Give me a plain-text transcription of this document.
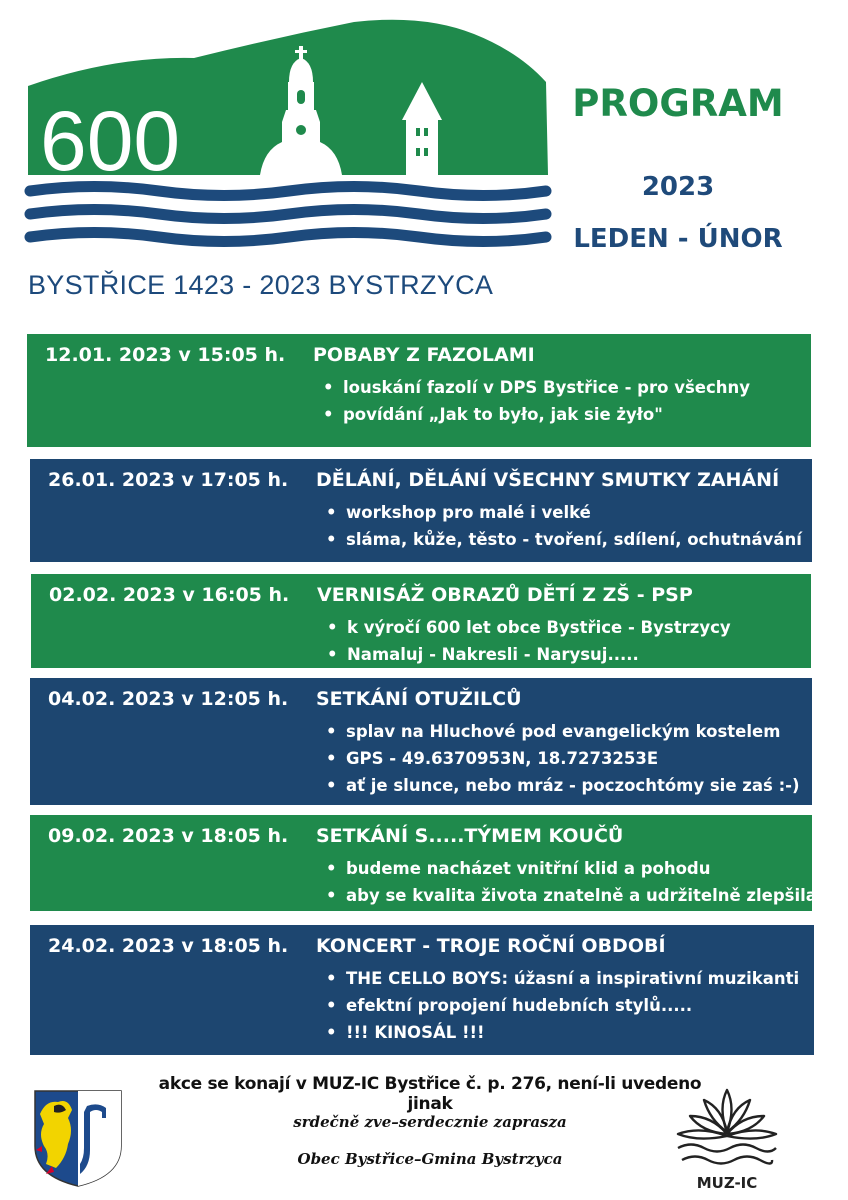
600
BYSTŘICE 1423 - 2023 BYSTRZYCA
PROGRAM
2023
LEDEN - ÚNOR
12.01. 2023 v 15:05 h. POBABY Z FAZOLAMI
• louskání fazolí v DPS Bystřice - pro všechny
• povídání „Jak to było, jak sie żyło"
26.01. 2023 v 17:05 h. DĚLÁNÍ, DĚLÁNÍ VŠECHNY SMUTKY ZAHÁNÍ
• workshop pro malé i velké
• sláma, kůže, těsto - tvoření, sdílení, ochutnávání
02.02. 2023 v 16:05 h. VERNISÁŽ OBRAZŮ DĚTÍ Z ZŠ - PSP
• k výročí 600 let obce Bystřice - Bystrzycy
• Namaluj - Nakresli - Narysuj.....
04.02. 2023 v 12:05 h. SETKÁNÍ OTUŽILCŮ
• splav na Hluchové pod evangelickým kostelem
• GPS - 49.6370953N, 18.7273253E
• ať je slunce, nebo mráz - poczochtómy sie zaś :-)
09.02. 2023 v 18:05 h. SETKÁNÍ S.....TÝMEM KOUČŮ
• budeme nacházet vnitřní klid a pohodu
• aby se kvalita života znatelně a udržitelně zlepšila
24.02. 2023 v 18:05 h. KONCERT - TROJE ROČNÍ OBDOBÍ
• THE CELLO BOYS: úžasní a inspirativní muzikanti
• efektní propojení hudebních stylů.....
• !!! KINOSÁL !!!
akce se konají v MUZ-IC Bystřice č. p. 276, není-li uvedeno jinak
srdečně zve–serdecznie zaprasza
Obec Bystřice–Gmina Bystrzyca
MUZ-IC
